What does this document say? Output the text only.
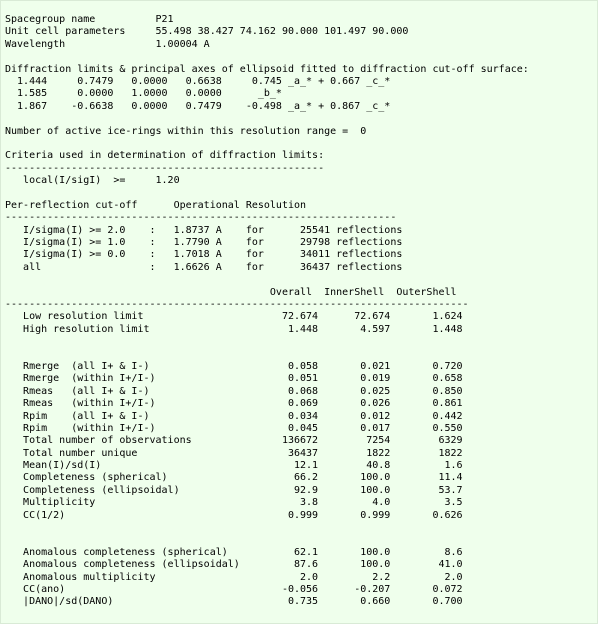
Spacegroup name          P21
Unit cell parameters     55.498 38.427 74.162 90.000 101.497 90.000
Wavelength               1.00004 A
Diffraction limits & principal axes of ellipsoid fitted to diffraction cut-off surface:
1.444     0.7479   0.0000   0.6638     0.745 _a_* + 0.667 _c_*
1.585     0.0000   1.0000   0.0000      _b_*
1.867    -0.6638   0.0000   0.7479    -0.498 _a_* + 0.867 _c_*
Number of active ice-rings within this resolution range =  0
Criteria used in determination of diffraction limits:
-----------------------------------------------------
local(I/sigI)  >=     1.20
Per-reflection cut-off      Operational Resolution
-----------------------------------------------------------------
I/sigma(I) >= 2.0    :   1.8737 A    for      25541 reflections
I/sigma(I) >= 1.0    :   1.7790 A    for      29798 reflections
I/sigma(I) >= 0.0    :   1.7018 A    for      34011 reflections
all                  :   1.6626 A    for      36437 reflections
Overall  InnerShell  OuterShell
-----------------------------------------------------------------------------
Low resolution limit                       72.674      72.674       1.624
High resolution limit                       1.448       4.597       1.448
Rmerge  (all I+ & I-)                       0.058       0.021       0.720
Rmerge  (within I+/I-)                      0.051       0.019       0.658
Rmeas   (all I+ & I-)                       0.068       0.025       0.850
Rmeas   (within I+/I-)                      0.069       0.026       0.861
Rpim    (all I+ & I-)                       0.034       0.012       0.442
Rpim    (within I+/I-)                      0.045       0.017       0.550
Total number of observations               136672        7254        6329
Total number unique                         36437        1822        1822
Mean(I)/sd(I)                                12.1        40.8         1.6
Completeness (spherical)                     66.2       100.0        11.4
Completeness (ellipsoidal)                   92.9       100.0        53.7
Multiplicity                                  3.8         4.0         3.5
CC(1/2)                                     0.999       0.999       0.626
Anomalous completeness (spherical)           62.1       100.0         8.6
Anomalous completeness (ellipsoidal)         87.6       100.0        41.0
Anomalous multiplicity                        2.0         2.2         2.0
CC(ano)                                    -0.056      -0.207       0.072
|DANO|/sd(DANO)                             0.735       0.660       0.700
